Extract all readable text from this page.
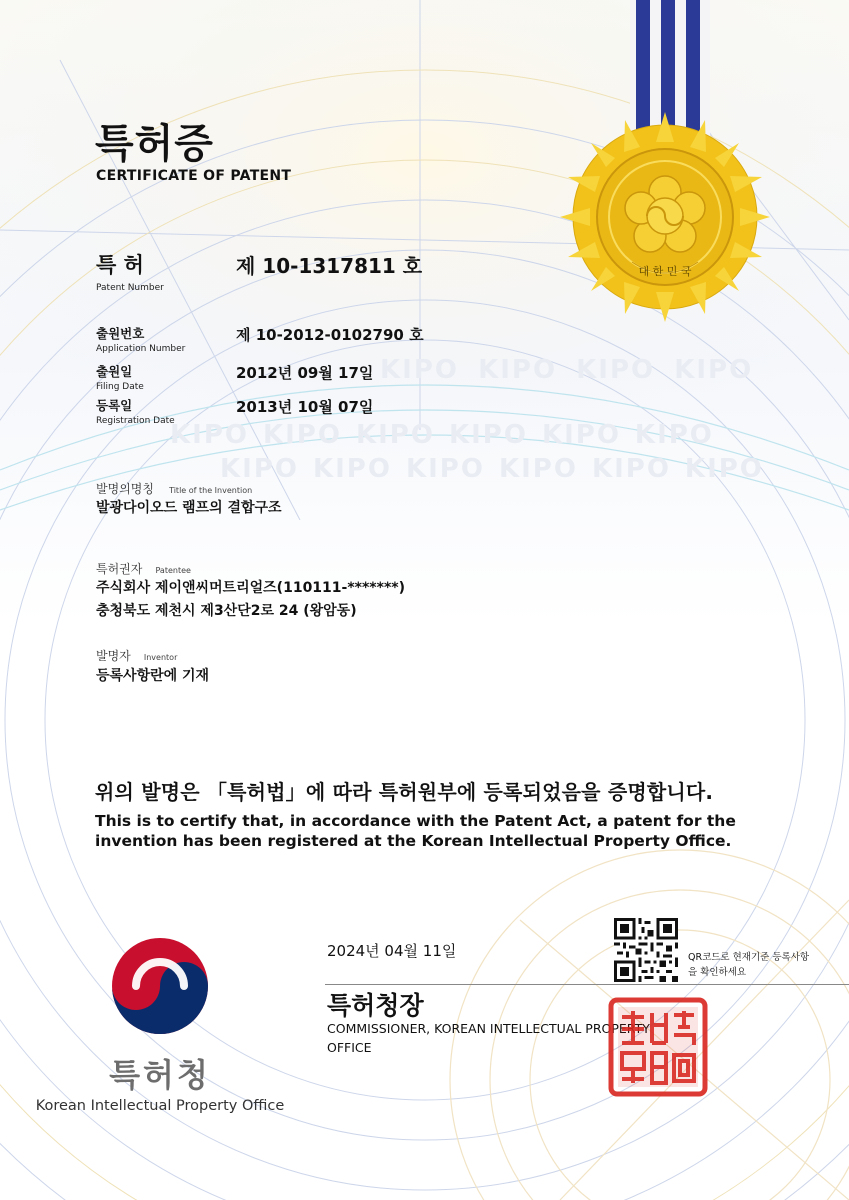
KIPO KIPO KIPO KIPO
KIPO KIPO KIPO KIPO KIPO KIPO
KIPO KIPO KIPO KIPO KIPO KIPO
대 한 민 국
특허증
CERTIFICATE OF PATENT
특 허
Patent Number
제 10-1317811 호
출원번호
Application Number
제 10-2012-0102790 호
출원일
Filing Date
2012년 09월 17일
등록일
Registration Date
2013년 10월 07일
발명의명칭 Title of the Invention
발광다이오드 램프의 결합구조
특허권자 Patentee
주식회사 제이앤씨머트리얼즈(110111-*******)
충청북도 제천시 제3산단2로 24 (왕암동)
발명자 Inventor
등록사항란에 기재
위의 발명은 「특허법」에 따라 특허원부에 등록되었음을 증명합니다.
This is to certify that, in accordance with the Patent Act, a patent for the invention has been registered at the Korean Intellectual Property Office.
특허청
Korean Intellectual Property Office
2024년 04월 11일
특허청장
COMMISSIONER, KOREAN INTELLECTUAL PROPERTY OFFICE
QR코드로 현재기준 등록사항을 확인하세요
특허청장의인
